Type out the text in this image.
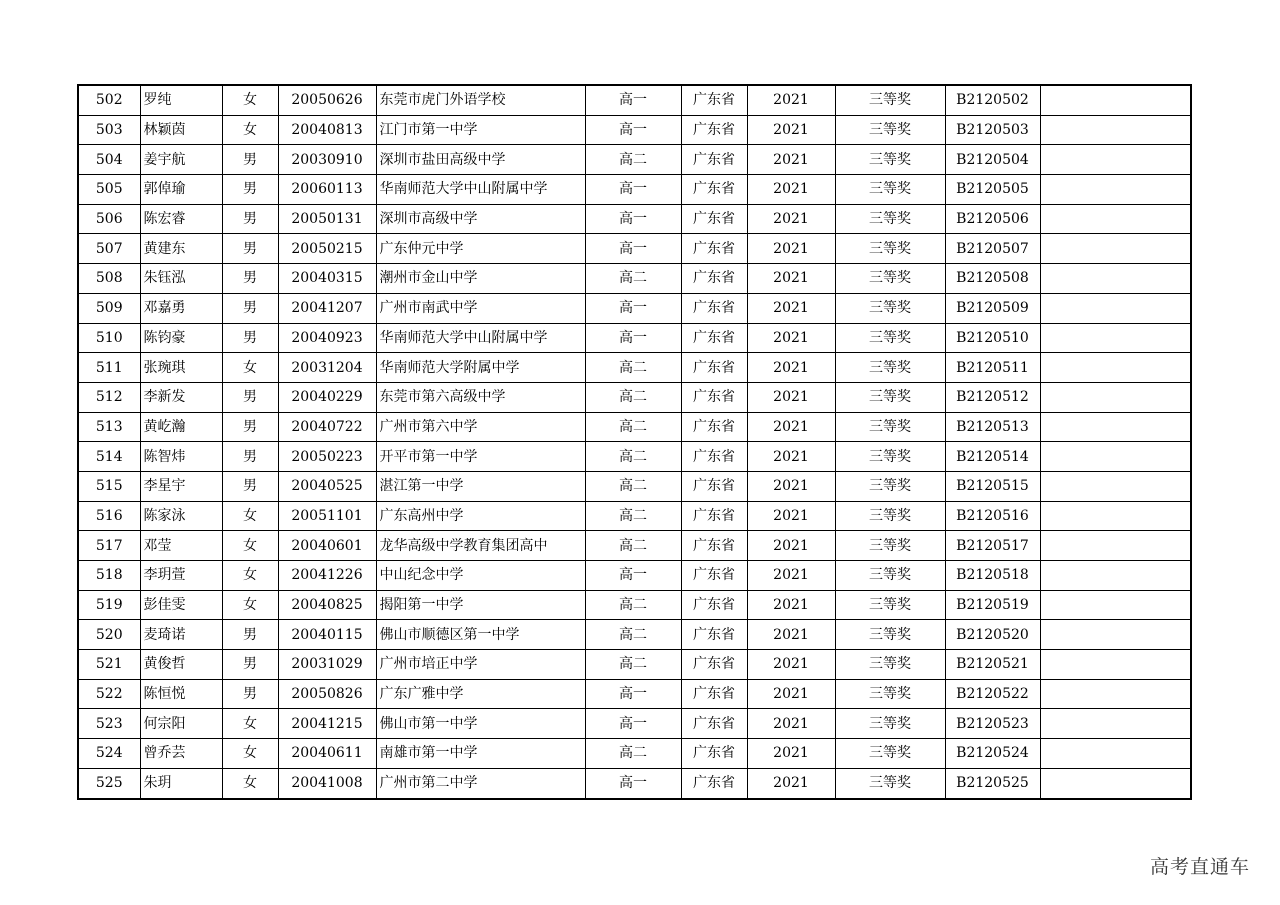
502	罗纯	女	20050626	东莞市虎门外语学校	高一	广东省	2021	三等奖	B2120502	
503	林颖茵	女	20040813	江门市第一中学	高一	广东省	2021	三等奖	B2120503	
504	姜宇航	男	20030910	深圳市盐田高级中学	高二	广东省	2021	三等奖	B2120504	
505	郭倬瑜	男	20060113	华南师范大学中山附属中学	高一	广东省	2021	三等奖	B2120505	
506	陈宏睿	男	20050131	深圳市高级中学	高一	广东省	2021	三等奖	B2120506	
507	黄建东	男	20050215	广东仲元中学	高一	广东省	2021	三等奖	B2120507	
508	朱钰泓	男	20040315	潮州市金山中学	高二	广东省	2021	三等奖	B2120508	
509	邓嘉勇	男	20041207	广州市南武中学	高一	广东省	2021	三等奖	B2120509	
510	陈钧豪	男	20040923	华南师范大学中山附属中学	高一	广东省	2021	三等奖	B2120510	
511	张琬琪	女	20031204	华南师范大学附属中学	高二	广东省	2021	三等奖	B2120511	
512	李新发	男	20040229	东莞市第六高级中学	高二	广东省	2021	三等奖	B2120512	
513	黄屹瀚	男	20040722	广州市第六中学	高二	广东省	2021	三等奖	B2120513	
514	陈智炜	男	20050223	开平市第一中学	高二	广东省	2021	三等奖	B2120514	
515	李星宇	男	20040525	湛江第一中学	高二	广东省	2021	三等奖	B2120515	
516	陈家泳	女	20051101	广东高州中学	高二	广东省	2021	三等奖	B2120516	
517	邓莹	女	20040601	龙华高级中学教育集团高中	高二	广东省	2021	三等奖	B2120517	
518	李玥萱	女	20041226	中山纪念中学	高一	广东省	2021	三等奖	B2120518	
519	彭佳雯	女	20040825	揭阳第一中学	高二	广东省	2021	三等奖	B2120519	
520	麦琦诺	男	20040115	佛山市顺德区第一中学	高二	广东省	2021	三等奖	B2120520	
521	黄俊哲	男	20031029	广州市培正中学	高二	广东省	2021	三等奖	B2120521	
522	陈恒悦	男	20050826	广东广雅中学	高一	广东省	2021	三等奖	B2120522	
523	何宗阳	女	20041215	佛山市第一中学	高一	广东省	2021	三等奖	B2120523	
524	曾乔芸	女	20040611	南雄市第一中学	高二	广东省	2021	三等奖	B2120524	
525	朱玥	女	20041008	广州市第二中学	高一	广东省	2021	三等奖	B2120525	
高考直通车
